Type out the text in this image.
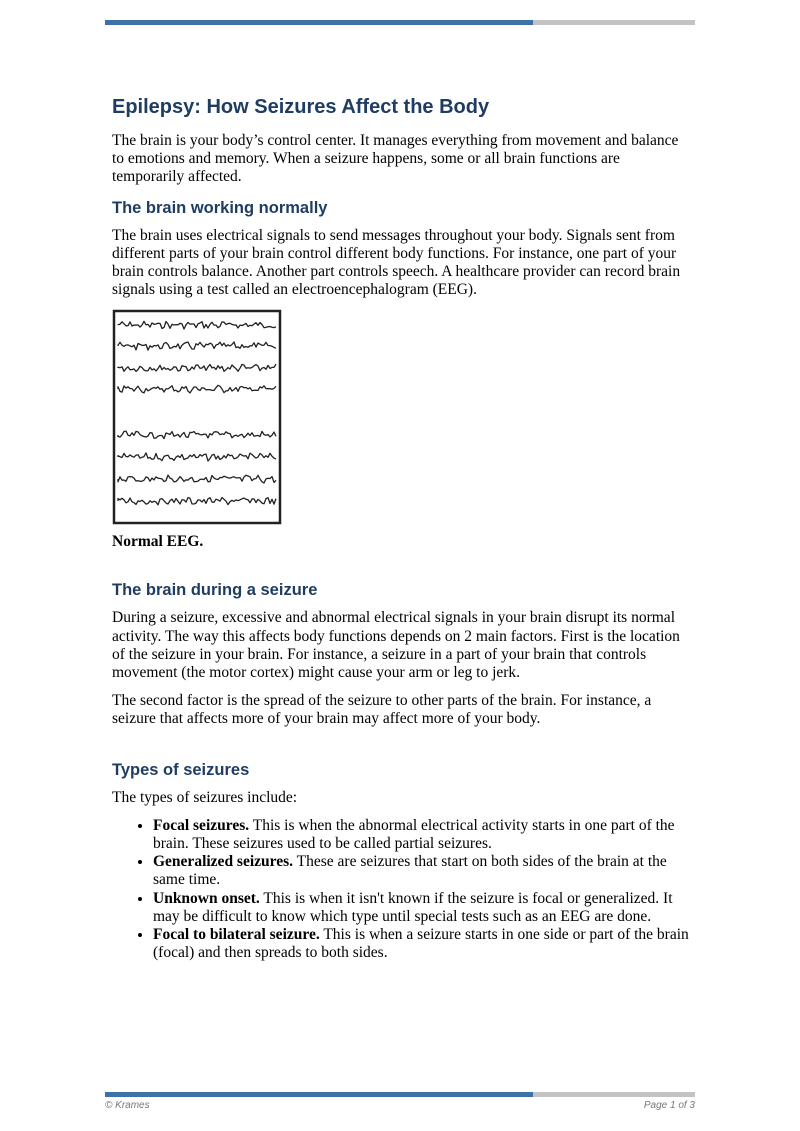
Epilepsy: How Seizures Affect the Body

The brain is your body’s control center. It manages everything from movement and balance to emotions and memory. When a seizure happens, some or all brain functions are temporarily affected.

The brain working normally

The brain uses electrical signals to send messages throughout your body. Signals sent from different parts of your brain control different body functions. For instance, one part of your brain controls balance. Another part controls speech. A healthcare provider can record brain signals using a test called an electroencephalogram (EEG).

Normal EEG.
The brain during a seizure

During a seizure, excessive and abnormal electrical signals in your brain disrupt its normal activity. The way this affects body functions depends on 2 main factors. First is the location of the seizure in your brain. For instance, a seizure in a part of your brain that controls movement (the motor cortex) might cause your arm or leg to jerk.

The second factor is the spread of the seizure to other parts of the brain. For instance, a seizure that affects more of your brain may affect more of your body.

Types of seizures

The types of seizures include:

• Focal seizures. This is when the abnormal electrical activity starts in one part of the brain. These seizures used to be called partial seizures.
• Generalized seizures. These are seizures that start on both sides of the brain at the same time.
• Unknown onset. This is when it isn't known if the seizure is focal or generalized. It may be difficult to know which type until special tests such as an EEG are done.
• Focal to bilateral seizure. This is when a seizure starts in one side or part of the brain (focal) and then spreads to both sides.
© Krames	Page 1 of 3
